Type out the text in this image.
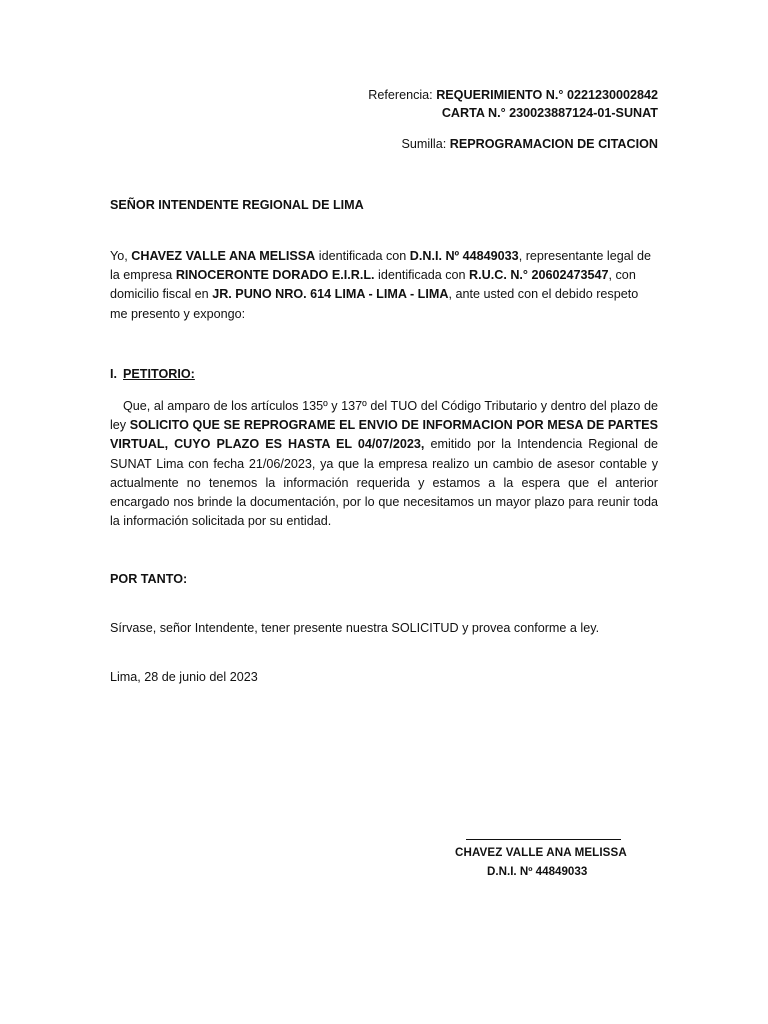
Referencia: REQUERIMIENTO N.° 0221230002842
CARTA N.° 230023887124-01-SUNAT
Sumilla: REPROGRAMACION DE CITACION
SEÑOR INTENDENTE REGIONAL DE LIMA
Yo, CHAVEZ VALLE ANA MELISSA identificada con D.N.I. Nº 44849033, representante legal de la empresa RINOCERONTE DORADO E.I.R.L. identificada con R.U.C. N.° 20602473547, con domicilio fiscal en JR. PUNO NRO. 614 LIMA - LIMA - LIMA, ante usted con el debido respeto me presento y expongo:
I. PETITORIO:
Que, al amparo de los artículos 135º y 137º del TUO del Código Tributario y dentro del plazo de ley SOLICITO QUE SE REPROGRAME EL ENVIO DE INFORMACION POR MESA DE PARTES VIRTUAL, CUYO PLAZO ES HASTA EL 04/07/2023, emitido por la Intendencia Regional de SUNAT Lima con fecha 21/06/2023, ya que la empresa realizo un cambio de asesor contable y actualmente no tenemos la información requerida y estamos a la espera que el anterior encargado nos brinde la documentación, por lo que necesitamos un mayor plazo para reunir toda la información solicitada por su entidad.
POR TANTO:
Sírvase, señor Intendente, tener presente nuestra SOLICITUD y provea conforme a ley.
Lima, 28 de junio del 2023
CHAVEZ VALLE ANA MELISSA
D.N.I. Nº 44849033
